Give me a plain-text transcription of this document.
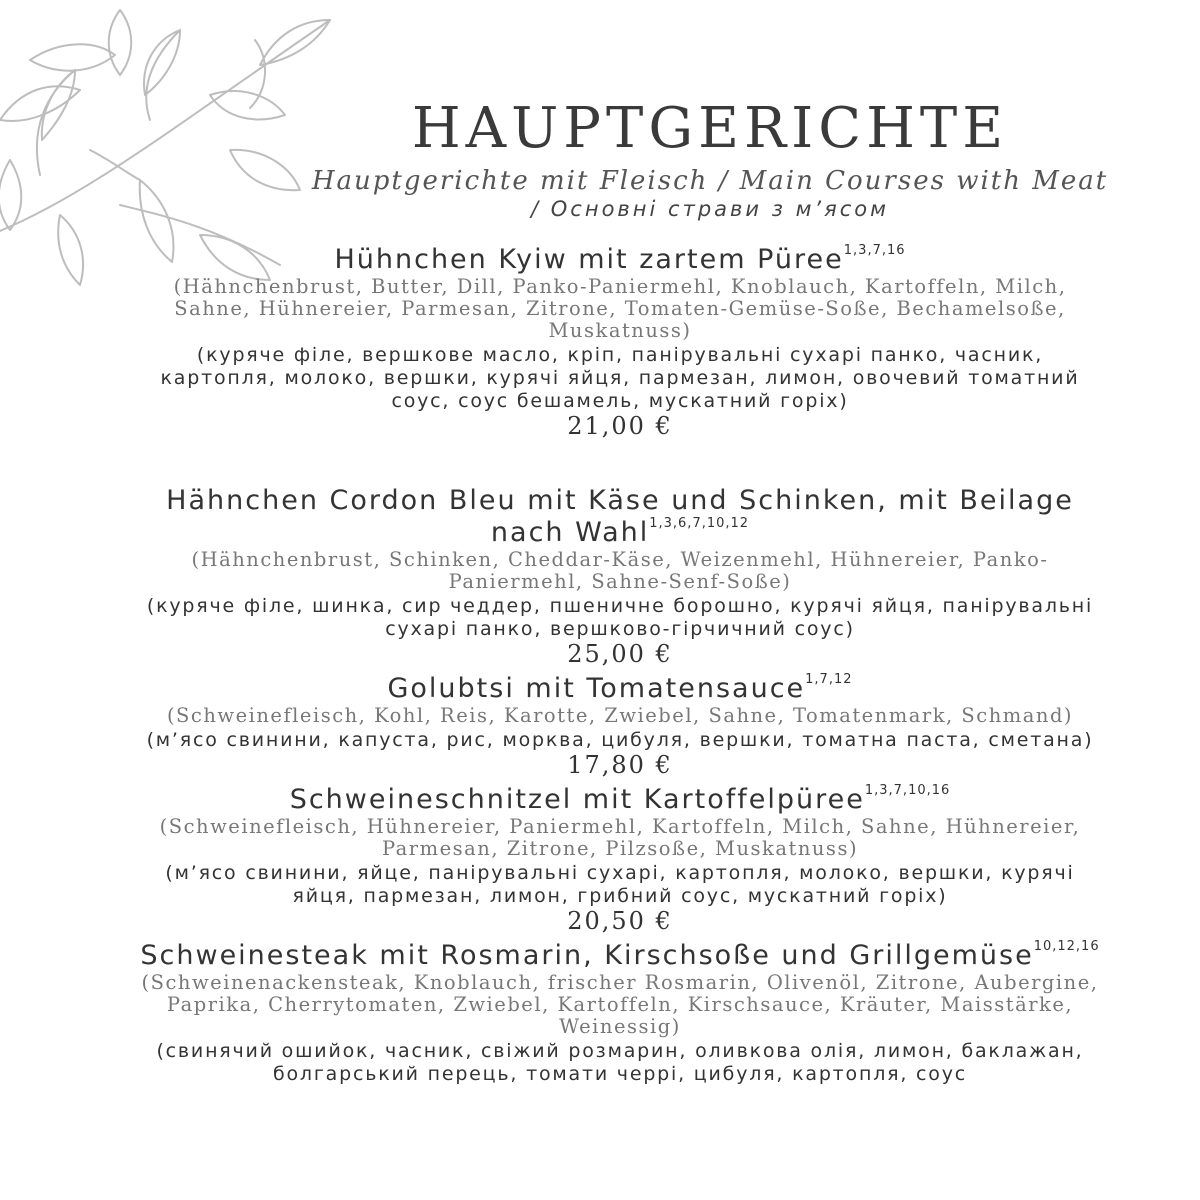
HAUPTGERICHTE
Hauptgerichte mit Fleisch / Main Courses with Meat
/ Основні страви з м’ясом
Hühnchen Kyiw mit zartem Püree$^{1,3,7,16}$
(Hähnchenbrust, Butter, Dill, Panko-Paniermehl, Knoblauch, Kartoffeln, Milch, Sahne, Hühnereier, Parmesan, Zitrone, Tomaten-Gemüse-Soße, Bechamelsoße, Muskatnuss)
(куряче філе, вершкове масло, кріп, панірувальні сухарі панко, часник, картопля, молоко, вершки, курячі яйця, пармезан, лимон, овочевий томатний соус, соус бешамель, мускатний горіх)
21,00 €
Hähnchen Cordon Bleu mit Käse und Schinken, mit Beilage nach Wahl$^{1,3,6,7,10,12}$
(Hähnchenbrust, Schinken, Cheddar-Käse, Weizenmehl, Hühnereier, Panko-Paniermehl, Sahne-Senf-Soße)
(куряче філе, шинка, сир чеддер, пшеничне борошно, курячі яйця, панірувальні сухарі панко, вершково-гірчичний соус)
25,00 €
Golubtsi mit Tomatensauce$^{1,7,12}$
(Schweinefleisch, Kohl, Reis, Karotte, Zwiebel, Sahne, Tomatenmark, Schmand)
(м’ясо свинини, капуста, рис, морква, цибуля, вершки, томатна паста, сметана)
17,80 €
Schweineschnitzel mit Kartoffelpüree$^{1,3,7,10,16}$
(Schweinefleisch, Hühnereier, Paniermehl, Kartoffeln, Milch, Sahne, Hühnereier, Parmesan, Zitrone, Pilzsoße, Muskatnuss)
(м’ясо свинини, яйце, панірувальні сухарі, картопля, молоко, вершки, курячі яйця, пармезан, лимон, грибний соус, мускатний горіх)
20,50 €
Schweinesteak mit Rosmarin, Kirschsoße und Grillgemüse$^{10,12,16}$
(Schweinenackensteak, Knoblauch, frischer Rosmarin, Olivenöl, Zitrone, Aubergine, Paprika, Cherrytomaten, Zwiebel, Kartoffeln, Kirschsauce, Kräuter, Maisstärke, Weinessig)
(свинячий ошийок, часник, свіжий розмарин, оливкова олія, лимон, баклажан, болгарський перець, томати черрі, цибуля, картопля, соус
